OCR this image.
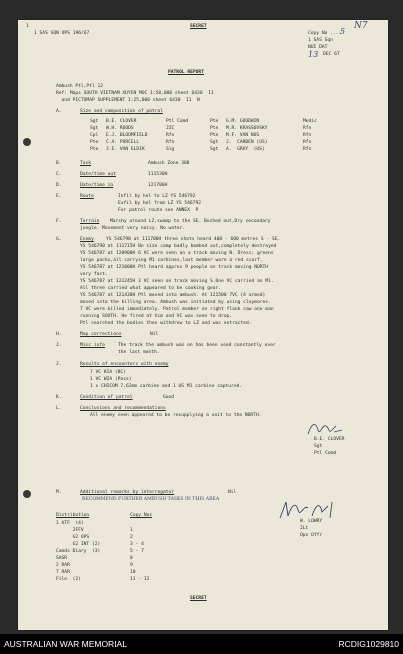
1	SECRET
1 SAS SQN OPS 196/67	Copy No ....
5
N7
1 SAS Sqn
NUI DAT
13 DEC 67
PATROL REPORT
Ambush Ptl,Ptl 12
Ref: Maps SOUTH VIETNAM XUYEN MOC 1:50,000 sheet 6430  11
and PICTOMAP SUPPLEMENT 1:25,000 sheet 6430  11  N
A.	Size and composition of patrol
Sgt B.E. CLOVER	Ptl Comd	Pte G.M. GOODWIN	Medic
Sgt W.H. ROODS	2IC	Pte M.R. KRASSOVSKY	Rfn
Cpl E.J. BLOOMFIELD	Rfn	Pte M.F. VAN NUS	Rfn
Pte C.A. PURCELL	Rfn	Sgt J.  CARDEN (US)	Rfn
Pte J.E. VAN ELDIK	Sig	Sgt A.  GRAY  (US)	Rfn
B.	Task	Ambush Zone 308
C.	Date/time out	111530H
D.	Date/time in	121700H
E.	Route	Infil by hel to LZ YS 546792
Exfil by hel from LZ YS 546792
For patrol route see ANNEX  P
F.	Terrain Marshy around LZ,swamp to the SE. Bushed out,Dry secondary
jungle. Movement very noisy. No water.
G.	Enemy	YS 546790 at 111700H three shots heard 400 - 600 metres S - SE.
YS 546790 at 111715H Bn size camp badly bombed out,completely destroyed
YS 546787 at 120900H 6 VC were seen on a track moving N. Dress; greens
large packs,all carrying M1 carbines,last member wore a red scarf.
YS 546787 at 121000H Ptl heard approx 9 people on track moving NORTH
very fast.
YS 546787 at 121245H 3 VC seen on track moving S.One VC carried an M1.
All three carried what appeared to be cooking gear.
YS 546787 at 121430H Ptl moved into ambush. At 121500 7VC (4 armed)
moved into the killing area. Ambush was initiated by using claymores.
7 VC were killed immediately. Patrol member on right flank saw one man
running SOUTH. He fired at him and VC was seen to drop.
Ptl searched the bodies then withdrew to LZ and was extracted.
H.	Map corrections	Nil
J.	Misc info	The track the ambush was on has been used constantly over
the last month.
J.	Results of encounters with enemy
7 VC KIA (BC)
1 VC WIA (Poss)
1 x CHICOM 7.62mm carbine and 1 US M1 carbine captured.
K.	Condition of patrol	Good
L.	Conclusions and recommendations
All enemy seen appeared to be resupplying a unit to the NORTH.
B.E. CLOVER
Sgt
Ptl Comd
M.	Additional remarks by interrogator	Nil
RECOMMEND FURTHER AMBUSH TASKS IN THIS AREA
W. LOWRY
2Lt
Ops Offr
Distribution	Copy Nos
1 ATF  (4)
2FFV	1
G2 OPS	2
G2 INT (2)	3 - 4
Comds Diary  (3)	5 - 7
SASR	8
2 RAR	9
7 RAR	10
File  (2)	11 - 12
SECRET
AUSTRALIAN WAR MEMORIAL	RCDIG1029810
